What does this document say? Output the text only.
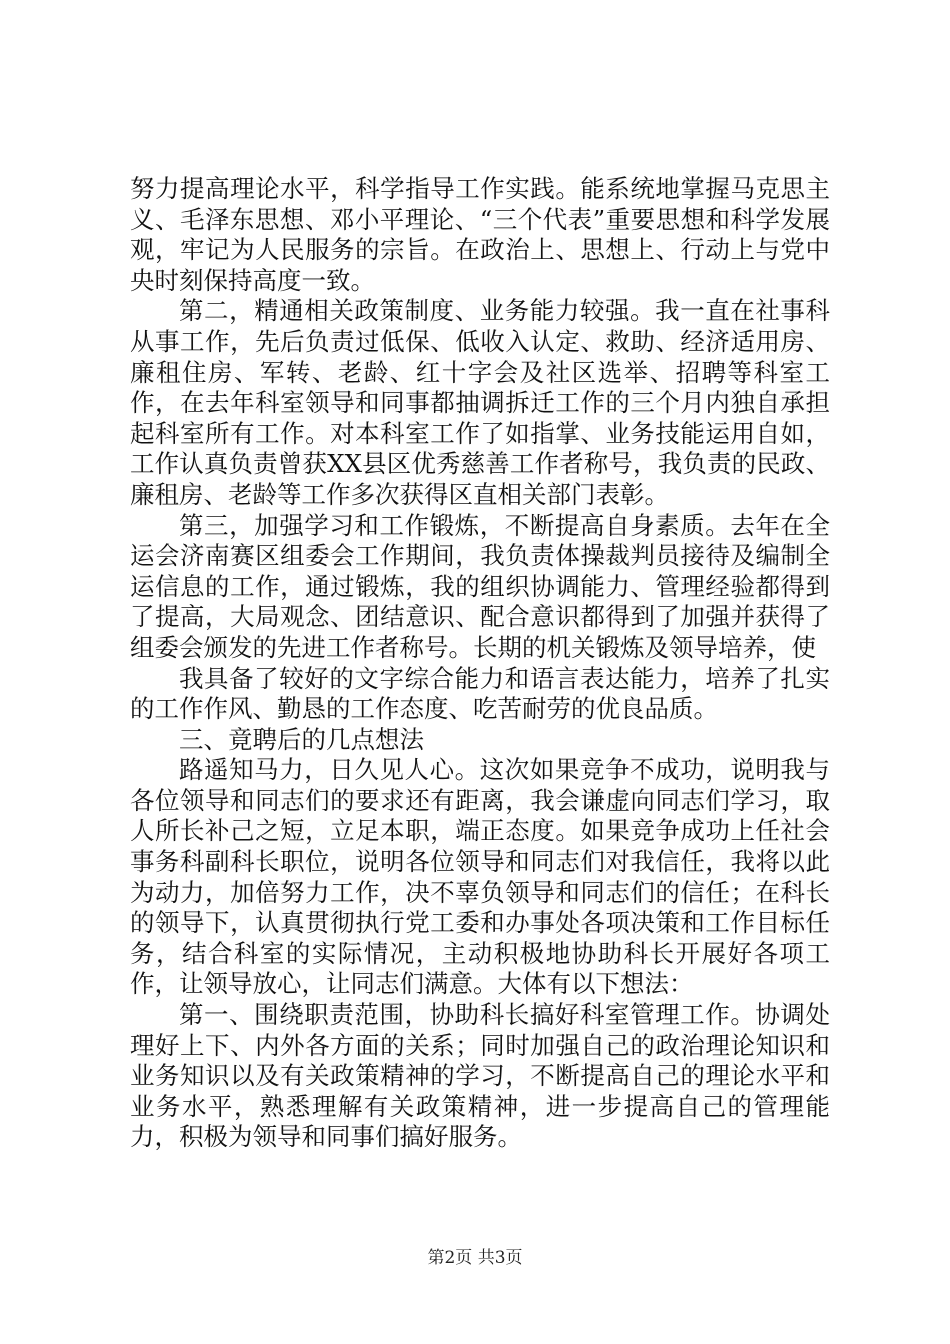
努力提高理论水平，科学指导工作实践。能系统地掌握马克思主义、毛泽东思想、邓小平理论、“三个代表”重要思想和科学发展观，牢记为人民服务的宗旨。在政治上、思想上、行动上与党中央时刻保持高度一致。

第二，精通相关政策制度、业务能力较强。我一直在社事科从事工作，先后负责过低保、低收入认定、救助、经济适用房、廉租住房、军转、老龄、红十字会及社区选举、招聘等科室工作，在去年科室领导和同事都抽调拆迁工作的三个月内独自承担起科室所有工作。对本科室工作了如指掌、业务技能运用自如，工作认真负责曾获XX县区优秀慈善工作者称号，我负责的民政、廉租房、老龄等工作多次获得区直相关部门表彰。

第三，加强学习和工作锻炼，不断提高自身素质。去年在全运会济南赛区组委会工作期间，我负责体操裁判员接待及编制全运信息的工作，通过锻炼，我的组织协调能力、管理经验都得到了提高，大局观念、团结意识、配合意识都得到了加强并获得了组委会颁发的先进工作者称号。长期的机关锻炼及领导培养，使

我具备了较好的文字综合能力和语言表达能力，培养了扎实的工作作风、勤恳的工作态度、吃苦耐劳的优良品质。

三、竟聘后的几点想法

路遥知马力，日久见人心。这次如果竞争不成功，说明我与各位领导和同志们的要求还有距离，我会谦虚向同志们学习，取人所长补己之短，立足本职，端正态度。如果竞争成功上任社会事务科副科长职位，说明各位领导和同志们对我信任，我将以此为动力，加倍努力工作，决不辜负领导和同志们的信任；在科长的领导下，认真贯彻执行党工委和办事处各项决策和工作目标任务，结合科室的实际情况，主动积极地协助科长开展好各项工作，让领导放心，让同志们满意。大体有以下想法：

第一、围绕职责范围，协助科长搞好科室管理工作。协调处理好上下、内外各方面的关系；同时加强自己的政治理论知识和业务知识以及有关政策精神的学习，不断提高自己的理论水平和业务水平，熟悉理解有关政策精神，进一步提高自己的管理能力，积极为领导和同事们搞好服务。

第2页 共3页
